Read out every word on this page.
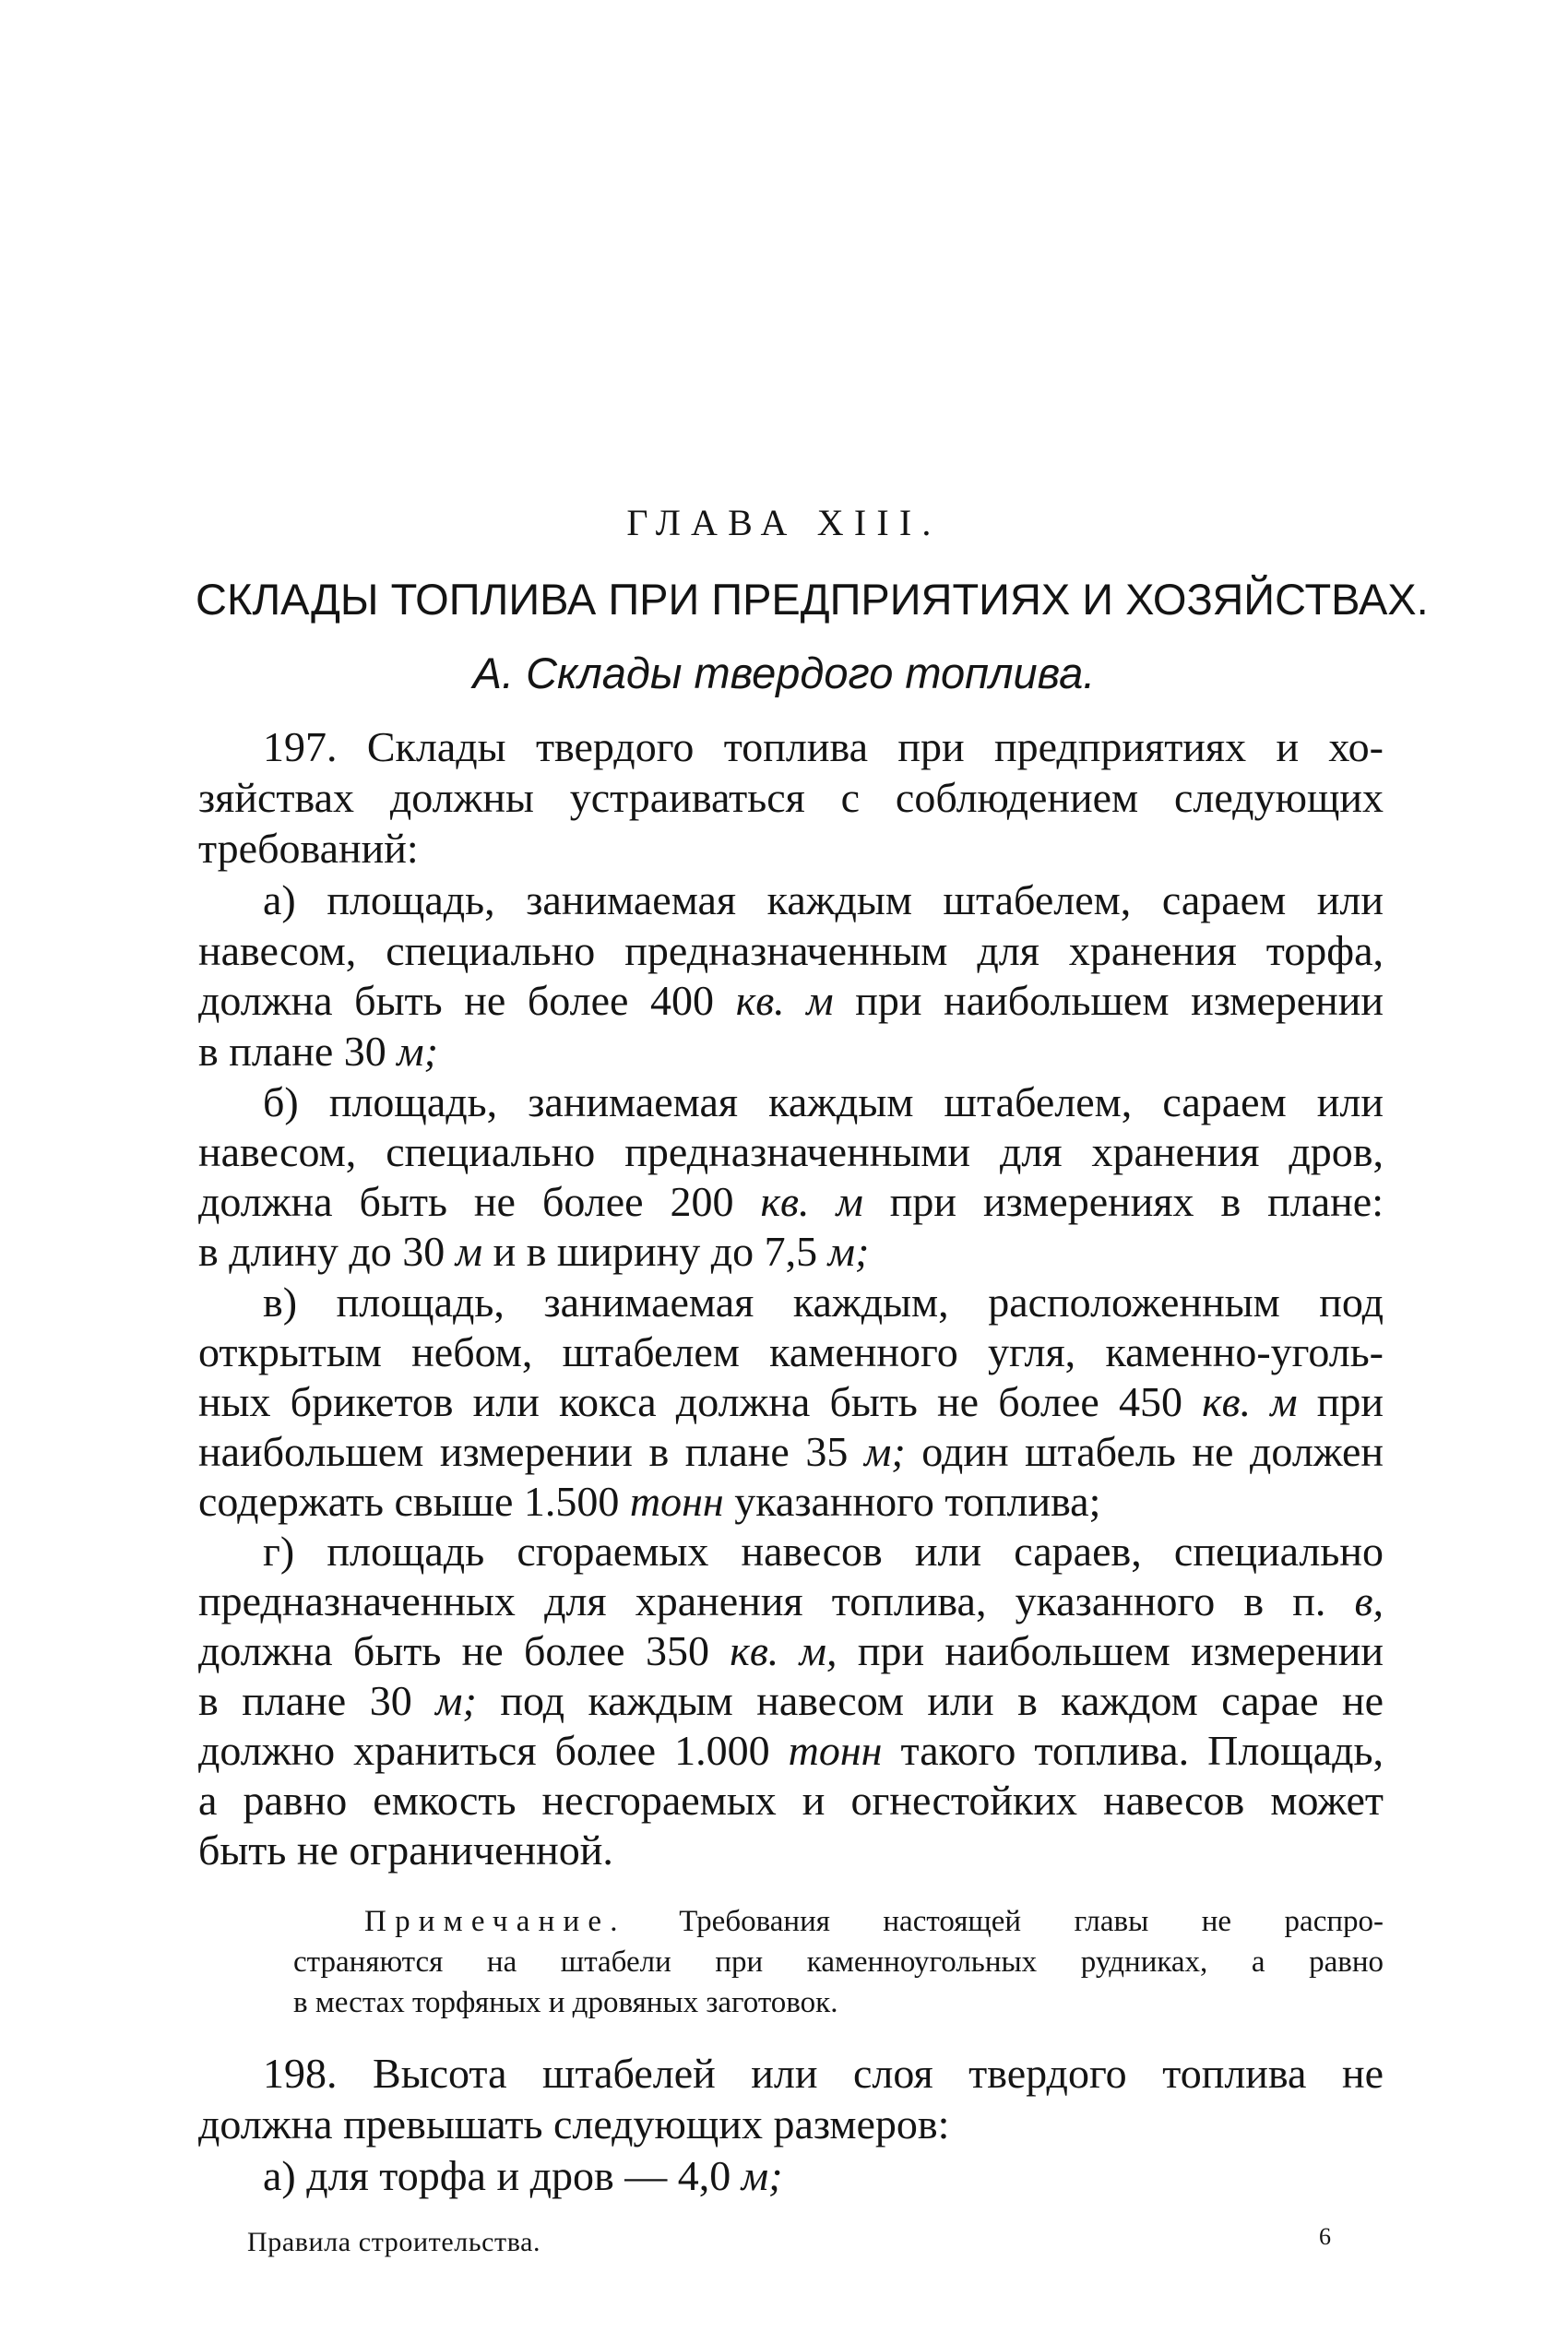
ГЛАВА XIII.
СКЛАДЫ ТОПЛИВА ПРИ ПРЕДПРИЯТИЯХ И ХОЗЯЙСТВАХ.
А. Склады твердого топлива.
197. Склады твердого топлива при предприятиях и хо-
зяйствах должны устраиваться с соблюдением следующих
требований:
а) площадь, занимаемая каждым штабелем, сараем или
навесом, специально предназначенным для хранения торфа,
должна быть не более 400 кв. м при наибольшем измерении
в плане 30 м;
б) площадь, занимаемая каждым штабелем, сараем или
навесом, специально предназначенными для хранения дров,
должна быть не более 200 кв. м при измерениях в плане:
в длину до 30 м и в ширину до 7,5 м;
в) площадь, занимаемая каждым, расположенным под
открытым небом, штабелем каменного угля, каменно-уголь-
ных брикетов или кокса должна быть не более 450 кв. м при
наибольшем измерении в плане 35 м; один штабель не должен
содержать свыше 1.500 тонн указанного топлива;
г) площадь сгораемых навесов или сараев, специально
предназначенных для хранения топлива, указанного в п. в,
должна быть не более 350 кв. м, при наибольшем измерении
в плане 30 м; под каждым навесом или в каждом сарае не
должно храниться более 1.000 тонн такого топлива. Площадь,
а равно емкость несгораемых и огнестойких навесов может
быть не ограниченной.
Примечание. Требования настоящей главы не распро-
страняются на штабели при каменноугольных рудниках, а равно
в местах торфяных и дровяных заготовок.
198. Высота штабелей или слоя твердого топлива не
должна превышать следующих размеров:
а) для торфа и дров — 4,0 м;
Правила строительства.	6
